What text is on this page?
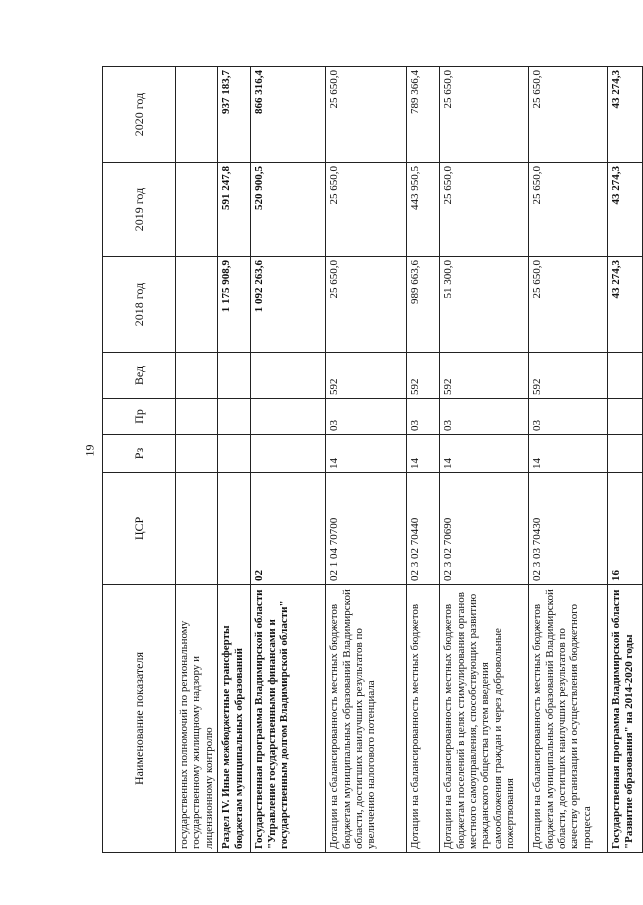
19
Наименование показателя	ЦСР	Рз	Пр	Вед	2018 год	2019 год	2020 год
государственных полномочий по региональному государственному жилищному надзору и лицензионному контролю							
Раздел IV. Иные межбюджетные трансферты бюджетам муниципальных образований					1 175 908,9	591 247,8	937 183,7
Государственная программа Владимирской области "Управление государственными финансами и государственным долгом Владимирской области"	02				1 092 263,6	520 900,5	866 316,4
Дотации на сбалансированность местных бюджетов бюджетам муниципальных образований Владимирской области, достигших наилучших результатов по увеличению налогового потенциала	02 1 04 70700	14	03	592	25 650,0	25 650,0	25 650,0
Дотации на сбалансированность местных бюджетов	02 3 02 70440	14	03	592	989 663,6	443 950,5	789 366,4
Дотации на сбалансированность местных бюджетов бюджетам поселений в целях стимулирования органов местного самоуправления, способствующих развитию гражданского общества путем введения самообложения граждан и через добровольные пожертвования	02 3 02 70690	14	03	592	51 300,0	25 650,0	25 650,0
Дотации на сбалансированность местных бюджетов бюджетам муниципальных образований Владимирской области, достигших наилучших результатов по качеству организации и осуществления бюджетного процесса	02 3 03 70430	14	03	592	25 650,0	25 650,0	25 650,0
Государственная программа Владимирской области "Развитие образования" на 2014-2020 годы	16				43 274,3	43 274,3	43 274,3
